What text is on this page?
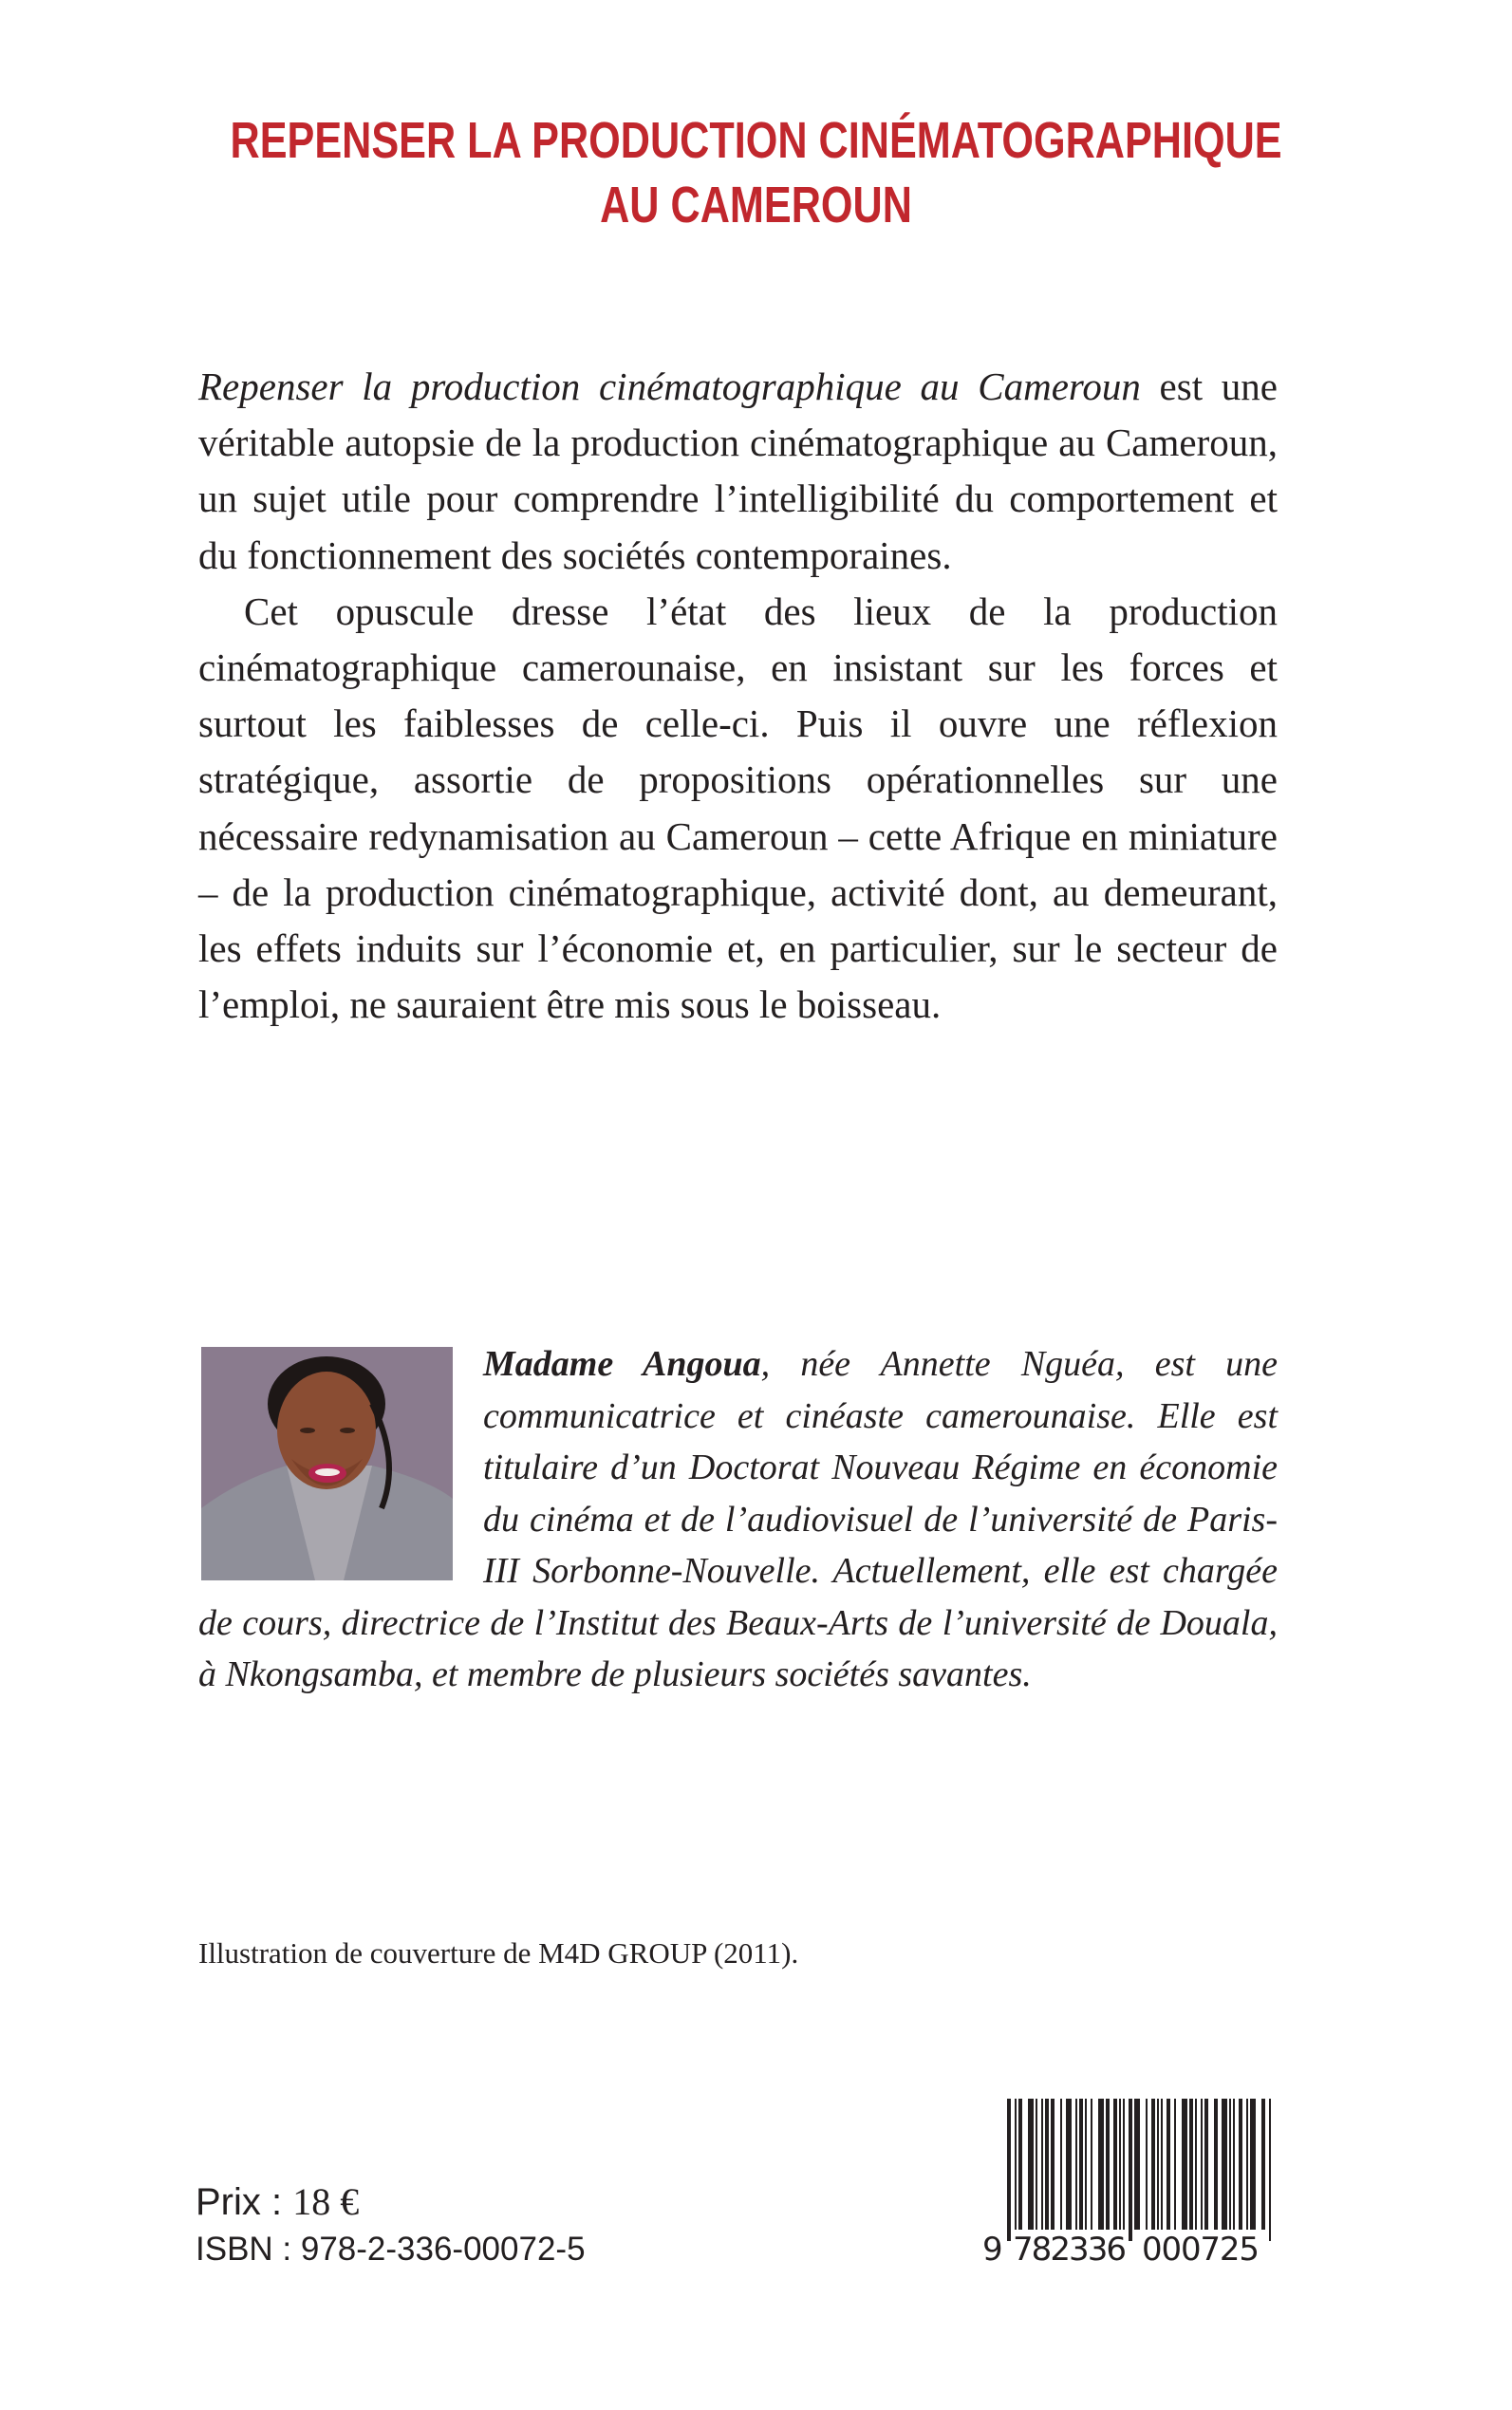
REPENSER LA PRODUCTION CINÉMATOGRAPHIQUE
AU CAMEROUN

Repenser la production cinématographique au Cameroun est une véritable autopsie de la production cinématographique au Cameroun, un sujet utile pour comprendre l’intelligibilité du comportement et du fonctionnement des sociétés contemporaines.

Cet opuscule dresse l’état des lieux de la production cinématographique camerounaise, en insistant sur les forces et surtout les faiblesses de celle-ci. Puis il ouvre une réflexion stratégique, assortie de propositions opérationnelles sur une nécessaire redynamisation au Cameroun – cette Afrique en miniature – de la production cinématographique, activité dont, au demeurant, les effets induits sur l’économie et, en particulier, sur le secteur de l’emploi, ne sauraient être mis sous le boisseau.

Madame Angoua, née Annette Nguéa, est une communicatrice et cinéaste camerounaise. Elle est titulaire d’un Doctorat Nouveau Régime en économie du cinéma et de l’audiovisuel de l’université de Paris-III Sorbonne-Nouvelle. Actuellement, elle est chargée de cours, directrice de l’Institut des Beaux-Arts de l’université de Douala, à Nkongsamba, et membre de plusieurs sociétés savantes.
Illustration de couverture de M4D GROUP (2011).
Prix : 18 €
ISBN : 978-2-336-00072-5	9 782336 000725
